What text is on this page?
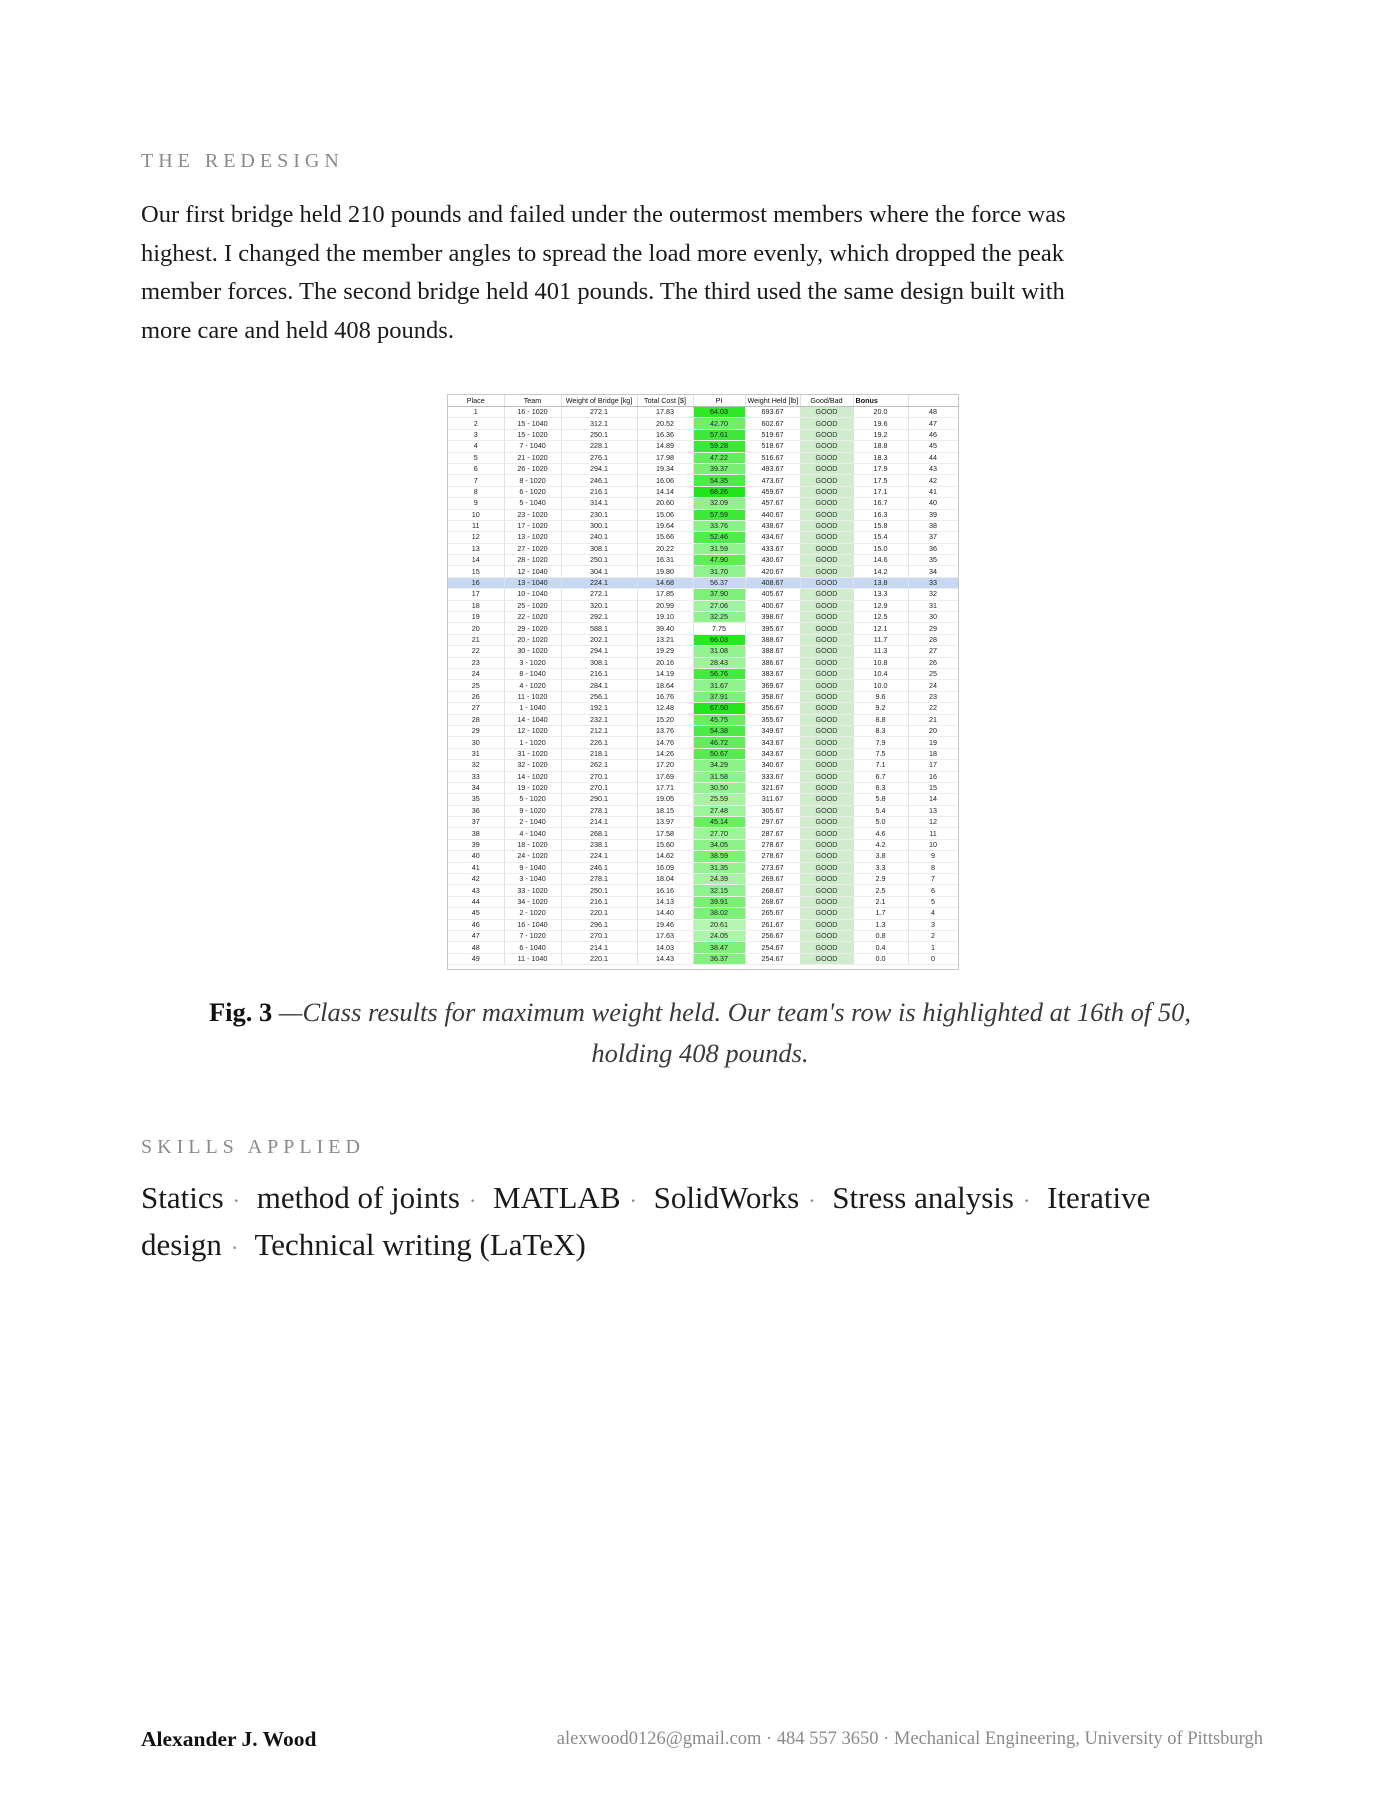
THE REDESIGN

Our first bridge held 210 pounds and failed under the outermost members where the force was highest. I changed the member angles to spread the load more evenly, which dropped the peak member forces. The second bridge held 401 pounds. The third used the same design built with more care and held 408 pounds.

Place	Team	Weight of Bridge [kg]	Total Cost [$]	PI	Weight Held [lb]	Good/Bad	Bonus	
1	16 - 1020	272.1	17.83	64.03	693.67	GOOD	20.0	48
2	15 - 1040	312.1	20.52	42.70	602.67	GOOD	19.6	47
3	15 - 1020	250.1	16.36	57.61	519.67	GOOD	19.2	46
4	7 - 1040	228.1	14.89	59.28	518.67	GOOD	18.8	45
5	21 - 1020	276.1	17.98	47.22	516.67	GOOD	18.3	44
6	26 - 1020	294.1	19.34	39.37	493.67	GOOD	17.9	43
7	8 - 1020	246.1	16.06	54.35	473.67	GOOD	17.5	42
8	6 - 1020	216.1	14.14	68.26	459.67	GOOD	17.1	41
9	5 - 1040	314.1	20.60	32.09	457.67	GOOD	16.7	40
10	23 - 1020	230.1	15.06	57.59	440.67	GOOD	16.3	39
11	17 - 1020	300.1	19.64	33.76	438.67	GOOD	15.8	38
12	13 - 1020	240.1	15.66	52.46	434.67	GOOD	15.4	37
13	27 - 1020	308.1	20.22	31.59	433.67	GOOD	15.0	36
14	28 - 1020	250.1	16.31	47.90	430.67	GOOD	14.6	35
15	12 - 1040	304.1	19.80	31.70	420.67	GOOD	14.2	34
16	13 - 1040	224.1	14.68	56.37	408.67	GOOD	13.8	33
17	10 - 1040	272.1	17.85	37.90	405.67	GOOD	13.3	32
18	25 - 1020	320.1	20.99	27.06	400.67	GOOD	12.9	31
19	22 - 1020	292.1	19.10	32.25	398.67	GOOD	12.5	30
20	29 - 1020	588.1	39.40	7.75	395.67	GOOD	12.1	29
21	20 - 1020	202.1	13.21	66.03	388.67	GOOD	11.7	28
22	30 - 1020	294.1	19.29	31.08	388.67	GOOD	11.3	27
23	3 - 1020	308.1	20.16	28.43	386.67	GOOD	10.8	26
24	8 - 1040	216.1	14.19	56.76	383.67	GOOD	10.4	25
25	4 - 1020	284.1	18.64	31.67	369.67	GOOD	10.0	24
26	11 - 1020	256.1	16.76	37.91	358.67	GOOD	9.6	23
27	1 - 1040	192.1	12.48	67.50	356.67	GOOD	9.2	22
28	14 - 1040	232.1	15.20	45.75	355.67	GOOD	8.8	21
29	12 - 1020	212.1	13.76	54.38	349.67	GOOD	8.3	20
30	1 - 1020	226.1	14.76	46.72	343.67	GOOD	7.9	19
31	31 - 1020	218.1	14.26	50.67	343.67	GOOD	7.5	18
32	32 - 1020	262.1	17.20	34.29	340.67	GOOD	7.1	17
33	14 - 1020	270.1	17.69	31.58	333.67	GOOD	6.7	16
34	19 - 1020	270.1	17.71	30.50	321.67	GOOD	6.3	15
35	5 - 1020	290.1	19.05	25.59	311.67	GOOD	5.8	14
36	9 - 1020	278.1	18.15	27.48	305.67	GOOD	5.4	13
37	2 - 1040	214.1	13.97	45.14	297.67	GOOD	5.0	12
38	4 - 1040	268.1	17.58	27.70	287.67	GOOD	4.6	11
39	18 - 1020	238.1	15.60	34.05	278.67	GOOD	4.2	10
40	24 - 1020	224.1	14.62	38.59	278.67	GOOD	3.8	9
41	9 - 1040	246.1	16.09	31.35	273.67	GOOD	3.3	8
42	3 - 1040	278.1	18.04	24.39	269.67	GOOD	2.9	7
43	33 - 1020	250.1	16.16	32.15	268.67	GOOD	2.5	6
44	34 - 1020	216.1	14.13	39.91	268.67	GOOD	2.1	5
45	2 - 1020	220.1	14.40	38.02	265.67	GOOD	1.7	4
46	16 - 1040	296.1	19.46	20.61	261.67	GOOD	1.3	3
47	7 - 1020	270.1	17.63	24.05	256.67	GOOD	0.8	2
48	6 - 1040	214.1	14.03	38.47	254.67	GOOD	0.4	1
49	11 - 1040	220.1	14.43	36.37	254.67	GOOD	0.0	0
Fig. 3 —Class results for maximum weight held. Our team's row is highlighted at 16th of 50, holding 408 pounds.
SKILLS APPLIED
Statics · method of joints · MATLAB · SolidWorks · Stress analysis · Iterative design · Technical writing (LaTeX)
Alexander J. Wood	alexwood0126@gmail.com · 484 557 3650 · Mechanical Engineering, University of Pittsburgh
